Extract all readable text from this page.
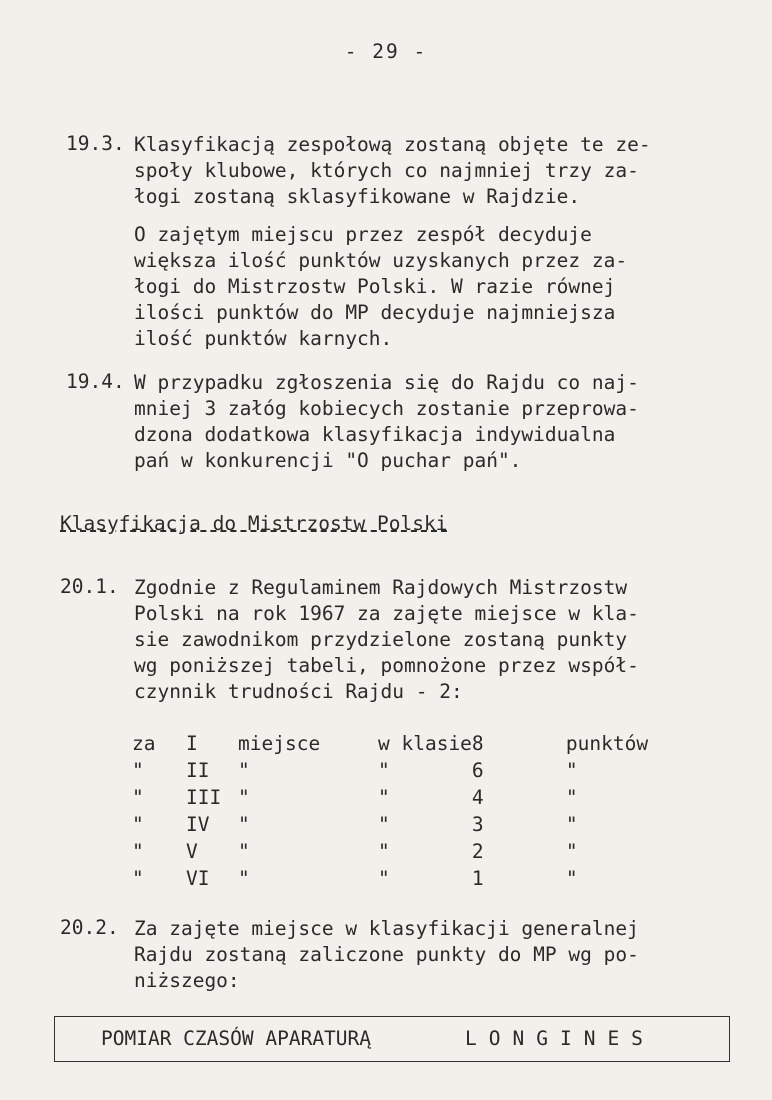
- 29 -
19.3. Klasyfikacją zespołową zostaną objęte te ze-
społy klubowe, których co najmniej trzy za-
łogi zostaną sklasyfikowane w Rajdzie.
O zajętym miejscu przez zespół decyduje
większa ilość punktów uzyskanych przez za-
łogi do Mistrzostw Polski. W razie równej
ilości punktów do MP decyduje najmniejsza
ilość punktów karnych.
19.4. W przypadku zgłoszenia się do Rajdu co naj-
mniej 3 załóg kobiecych zostanie przeprowa-
dzona dodatkowa klasyfikacja indywidualna
pań w konkurencji "O puchar pań".
Klasyfikacja do Mistrzostw Polski
20.1. Zgodnie z Regulaminem Rajdowych Mistrzostw
Polski na rok 1967 za zajęte miejsce w kla-
sie zawodnikom przydzielone zostaną punkty
wg poniższej tabeli, pomnożone przez współ-
czynnik trudności Rajdu - 2:
za	I	miejsce	w klasie	8	punktów
"	II	"	"	6	"
"	III	"	"	4	"
"	IV	"	"	3	"
"	V	"	"	2	"
"	VI	"	"	1	"
20.2. Za zajęte miejsce w klasyfikacji generalnej
Rajdu zostaną zaliczone punkty do MP wg po-
niższego:
POMIAR CZASÓW APARATURĄ	LONGINES
